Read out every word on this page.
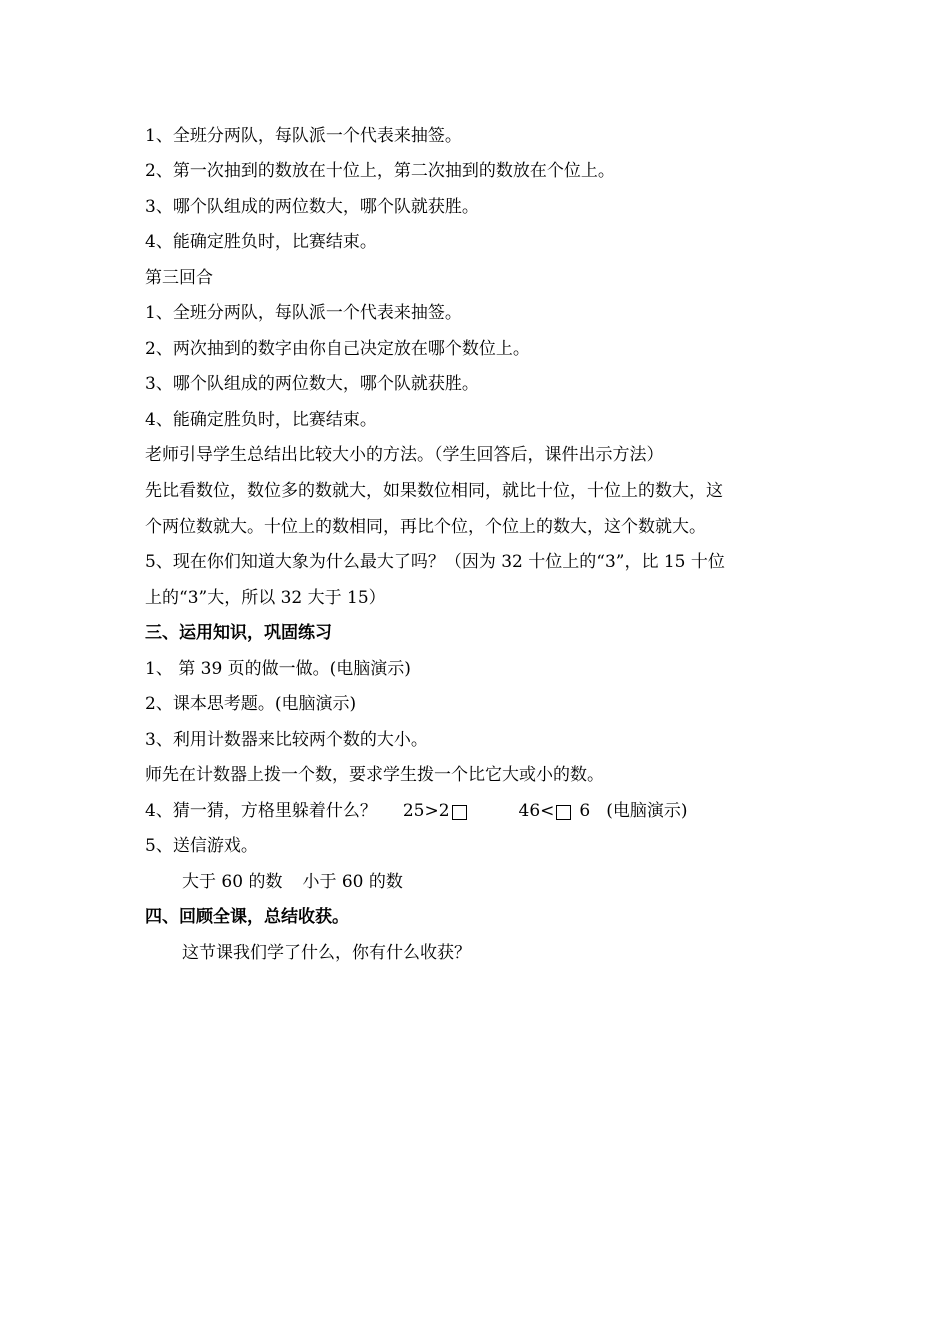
1、全班分两队，每队派一个代表来抽签。
2、第一次抽到的数放在十位上，第二次抽到的数放在个位上。
3、哪个队组成的两位数大，哪个队就获胜。
4、能确定胜负时，比赛结束。
第三回合
1、全班分两队，每队派一个代表来抽签。
2、两次抽到的数字由你自己决定放在哪个数位上。
3、哪个队组成的两位数大，哪个队就获胜。
4、能确定胜负时，比赛结束。
老师引导学生总结出比较大小的方法。（学生回答后，课件出示方法）
先比看数位，数位多的数就大，如果数位相同，就比十位，十位上的数大，这
个两位数就大。十位上的数相同，再比个位，个位上的数大，这个数就大。
5、现在你们知道大象为什么最大了吗？（因为 32 十位上的“3”，比 15 十位
上的“3”大，所以 32 大于 15）
三、运用知识，巩固练习
1、 第 39 页的做一做。(电脑演示)
2、课本思考题。(电脑演示)
3、利用计数器来比较两个数的大小。
师先在计数器上拨一个数，要求学生拨一个比它大或小的数。
4、猜一猜，方格里躲着什么？ 25>2	46< 6 (电脑演示)
5、送信游戏。
大于 60 的数 小于 60 的数
四、回顾全课，总结收获。
这节课我们学了什么，你有什么收获？
